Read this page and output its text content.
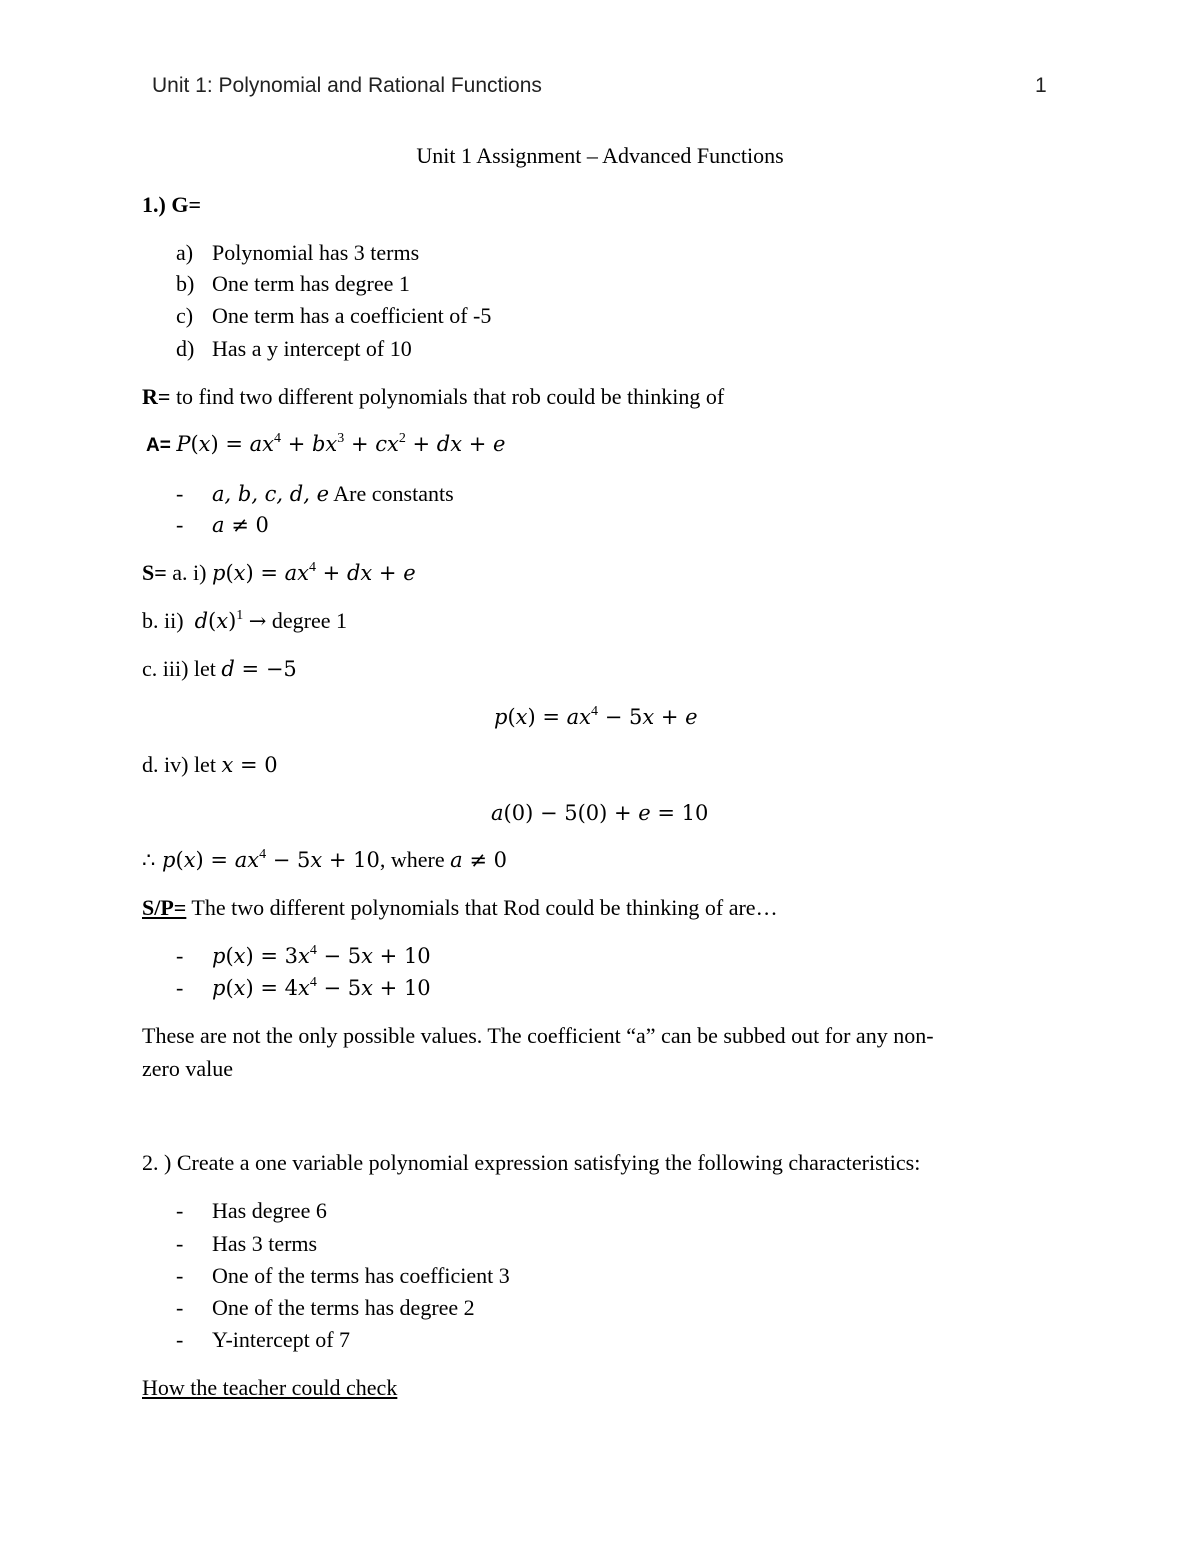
Unit 1: Polynomial and Rational Functions	1
Unit 1 Assignment – Advanced Functions
1.) G=
a) Polynomial has 3 terms
b) One term has degree 1
c) One term has a coefficient of -5
d) Has a y intercept of 10
R= to find two different polynomials that rob could be thinking of
$A= P(x) = ax^4 + bx^3 + cx^2$ + dx + e
- a, b, c, d, e Are constants
- a ≠ 0
S= a. i) $p(x) = ax^4$ + dx + e
b. ii) $d(x)^1$ → degree 1
c. iii) let d = −5
$p(x) = ax^4 - 5x + e$
d. iv) let x = 0
a(0) − 5(0) + e = 10
∴ $p(x) = ax^4 - 5x + 10$, where a ≠ 0
S/P= The two different polynomials that Rod could be thinking of are…
- $p(x) = 3x^4 - 5x + 10$
- $p(x) = 4x^4 - 5x + 10$
These are not the only possible values. The coefficient “a” can be subbed out for any non-
zero value
2. ) Create a one variable polynomial expression satisfying the following characteristics:
- Has degree 6
- Has 3 terms
- One of the terms has coefficient 3
- One of the terms has degree 2
- Y-intercept of 7
How the teacher could check
